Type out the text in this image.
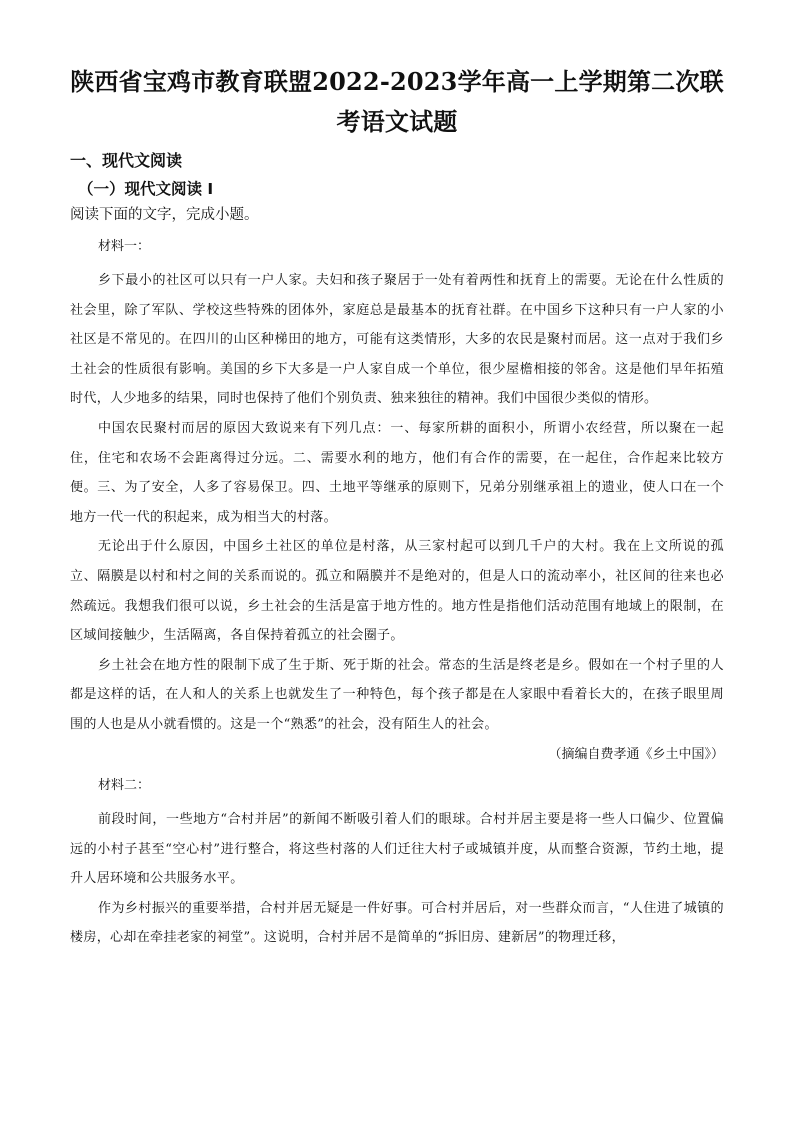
陕西省宝鸡市教育联盟2022-2023学年高一上学期第二次联考语文试题
一、现代文阅读
（一）现代文阅读 I
阅读下面的文字，完成小题。
材料一：

乡下最小的社区可以只有一户人家。夫妇和孩子聚居于一处有着两性和抚育上的需要。无论在什么性质的社会里，除了军队、学校这些特殊的团体外，家庭总是最基本的抚育社群。在中国乡下这种只有一户人家的小社区是不常见的。在四川的山区种梯田的地方，可能有这类情形，大多的农民是聚村而居。这一点对于我们乡土社会的性质很有影响。美国的乡下大多是一户人家自成一个单位，很少屋檐相接的邻舍。这是他们早年拓殖时代，人少地多的结果，同时也保持了他们个别负责、独来独往的精神。我们中国很少类似的情形。

中国农民聚村而居的原因大致说来有下列几点：一、每家所耕的面积小，所谓小农经营，所以聚在一起住，住宅和农场不会距离得过分远。二、需要水利的地方，他们有合作的需要，在一起住，合作起来比较方便。三、为了安全，人多了容易保卫。四、土地平等继承的原则下，兄弟分别继承祖上的遗业，使人口在一个地方一代一代的积起来，成为相当大的村落。

无论出于什么原因，中国乡土社区的单位是村落，从三家村起可以到几千户的大村。我在上文所说的孤立、隔膜是以村和村之间的关系而说的。孤立和隔膜并不是绝对的，但是人口的流动率小，社区间的往来也必然疏远。我想我们很可以说，乡土社会的生活是富于地方性的。地方性是指他们活动范围有地域上的限制，在区域间接触少，生活隔离，各自保持着孤立的社会圈子。

乡土社会在地方性的限制下成了生于斯、死于斯的社会。常态的生活是终老是乡。假如在一个村子里的人都是这样的话，在人和人的关系上也就发生了一种特色，每个孩子都是在人家眼中看着长大的，在孩子眼里周围的人也是从小就看惯的。这是一个“熟悉”的社会，没有陌生人的社会。

（摘编自费孝通《乡土中国》）
材料二：

前段时间，一些地方“合村并居”的新闻不断吸引着人们的眼球。合村并居主要是将一些人口偏少、位置偏远的小村子甚至“空心村”进行整合，将这些村落的人们迁往大村子或城镇并度，从而整合资源，节约土地，提升人居环境和公共服务水平。

作为乡村振兴的重要举措，合村并居无疑是一件好事。可合村并居后，对一些群众而言，“人住进了城镇的楼房，心却在牵挂老家的祠堂”。这说明，合村并居不是简单的“拆旧房、建新居”的物理迁移，
